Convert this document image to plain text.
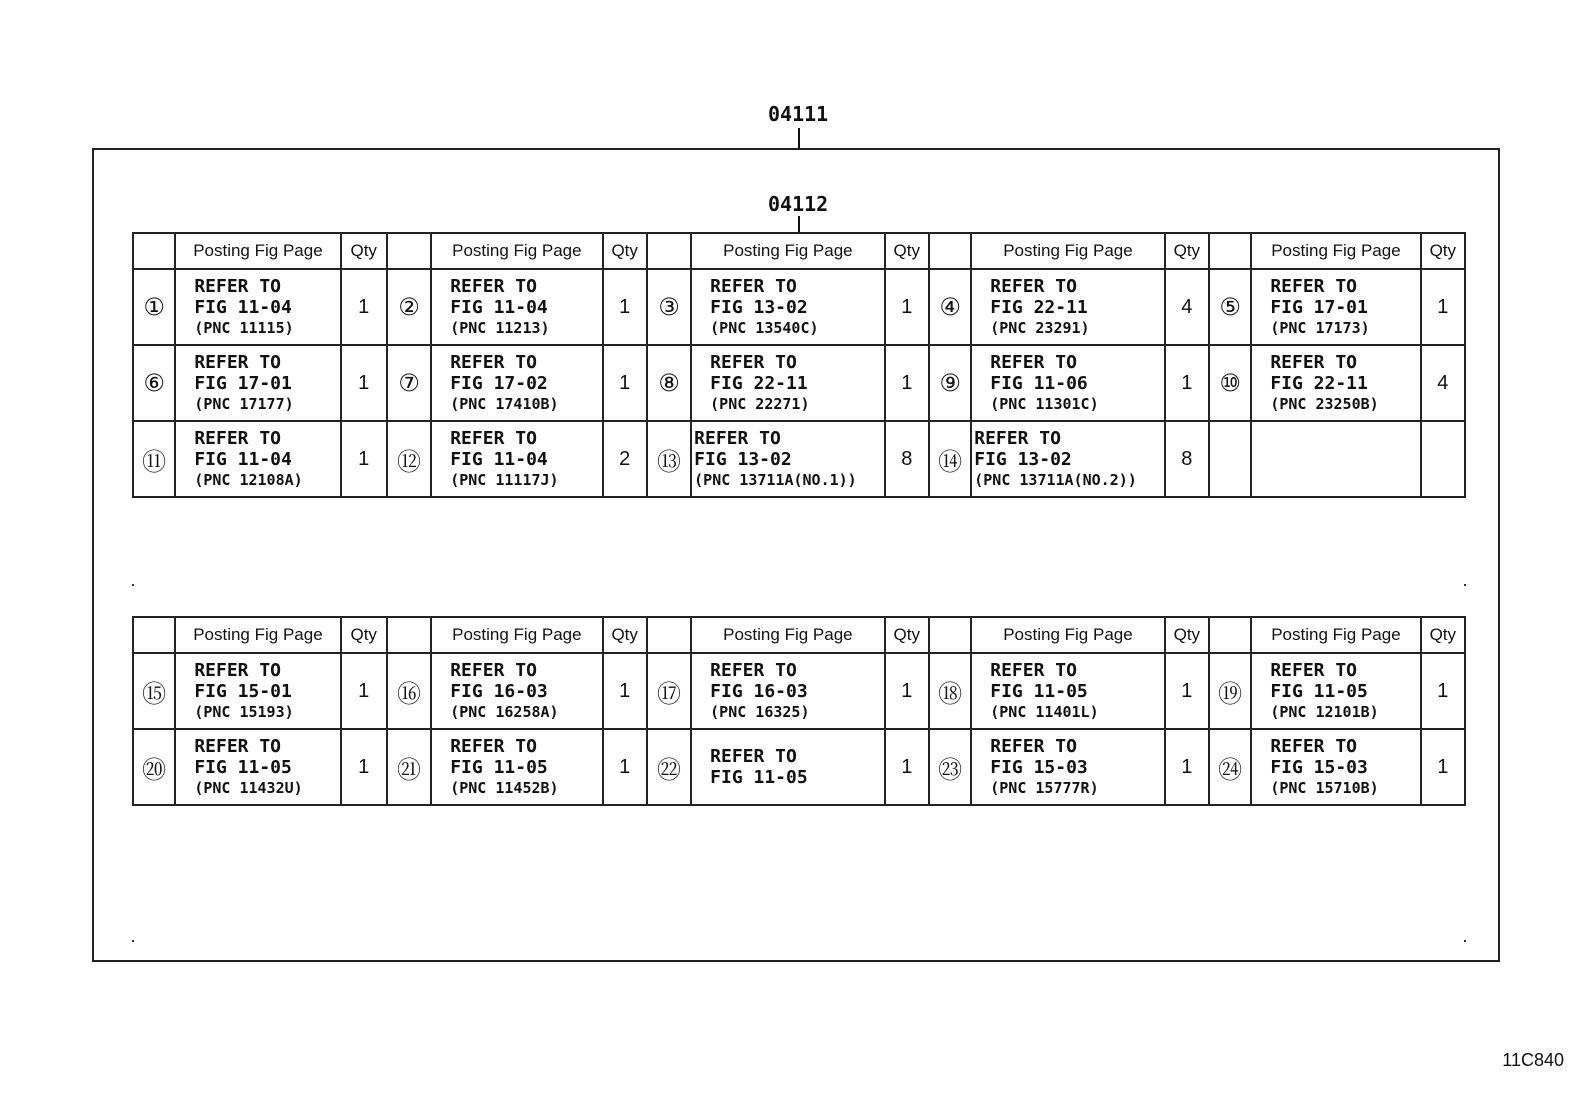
04111
04112
	Posting Fig Page	Qty		Posting Fig Page	Qty		Posting Fig Page	Qty		Posting Fig Page	Qty		Posting Fig Page	Qty
①	REFER TO
FIG 11-04
(PNC 11115)	1	②	REFER TO
FIG 11-04
(PNC 11213)	1	③	REFER TO
FIG 13-02
(PNC 13540C)	1	④	REFER TO
FIG 22-11
(PNC 23291)	4	⑤	REFER TO
FIG 17-01
(PNC 17173)	1
⑥	REFER TO
FIG 17-01
(PNC 17177)	1	⑦	REFER TO
FIG 17-02
(PNC 17410B)	1	⑧	REFER TO
FIG 22-11
(PNC 22271)	1	⑨	REFER TO
FIG 11-06
(PNC 11301C)	1	⑩	REFER TO
FIG 22-11
(PNC 23250B)	4
⑪	REFER TO
FIG 11-04
(PNC 12108A)	1	⑫	REFER TO
FIG 11-04
(PNC 11117J)	2	⑬	REFER TO
FIG 13-02
(PNC 13711A(NO.1))	8	⑭	REFER TO
FIG 13-02
(PNC 13711A(NO.2))	8		

	Posting Fig Page	Qty		Posting Fig Page	Qty		Posting Fig Page	Qty		Posting Fig Page	Qty		Posting Fig Page	Qty
⑮	REFER TO
FIG 15-01
(PNC 15193)	1	⑯	REFER TO
FIG 16-03
(PNC 16258A)	1	⑰	REFER TO
FIG 16-03
(PNC 16325)	1	⑱	REFER TO
FIG 11-05
(PNC 11401L)	1	⑲	REFER TO
FIG 11-05
(PNC 12101B)	1
⑳	REFER TO
FIG 11-05
(PNC 11432U)	1	㉑	REFER TO
FIG 11-05
(PNC 11452B)	1	㉒	REFER TO
FIG 11-05	1	㉓	REFER TO
FIG 15-03
(PNC 15777R)	1	㉔	REFER TO
FIG 15-03
(PNC 15710B)	1
11C840
